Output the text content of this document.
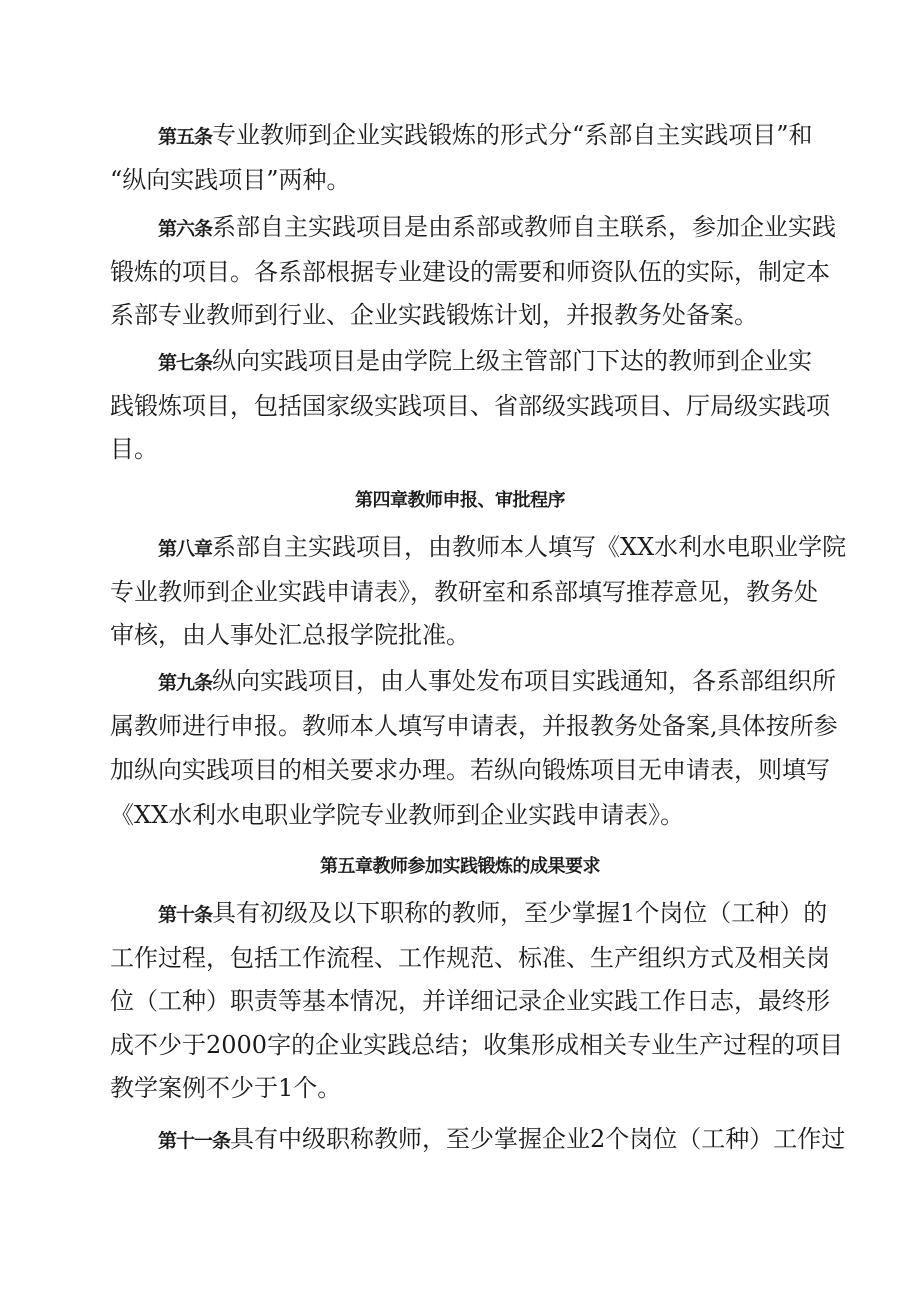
第五条专业教师到企业实践锻炼的形式分“系部自主实践项目”和
“纵向实践项目”两种。
第六条系部自主实践项目是由系部或教师自主联系，参加企业实践
锻炼的项目。各系部根据专业建设的需要和师资队伍的实际，制定本
系部专业教师到行业、企业实践锻炼计划，并报教务处备案。
第七条纵向实践项目是由学院上级主管部门下达的教师到企业实
践锻炼项目，包括国家级实践项目、省部级实践项目、厅局级实践项
目。
第四章教师申报、审批程序
第八章系部自主实践项目，由教师本人填写《XX水利水电职业学院
专业教师到企业实践申请表》，教研室和系部填写推荐意见，教务处
审核，由人事处汇总报学院批准。
第九条纵向实践项目，由人事处发布项目实践通知，各系部组织所
属教师进行申报。教师本人填写申请表，并报教务处备案,具体按所参
加纵向实践项目的相关要求办理。若纵向锻炼项目无申请表，则填写
《XX水利水电职业学院专业教师到企业实践申请表》。
第五章教师参加实践锻炼的成果要求
第十条具有初级及以下职称的教师，至少掌握1个岗位（工种）的
工作过程，包括工作流程、工作规范、标准、生产组织方式及相关岗
位（工种）职责等基本情况，并详细记录企业实践工作日志，最终形
成不少于2000字的企业实践总结；收集形成相关专业生产过程的项目
教学案例不少于1个。
第十一条具有中级职称教师，至少掌握企业2个岗位（工种）工作过
